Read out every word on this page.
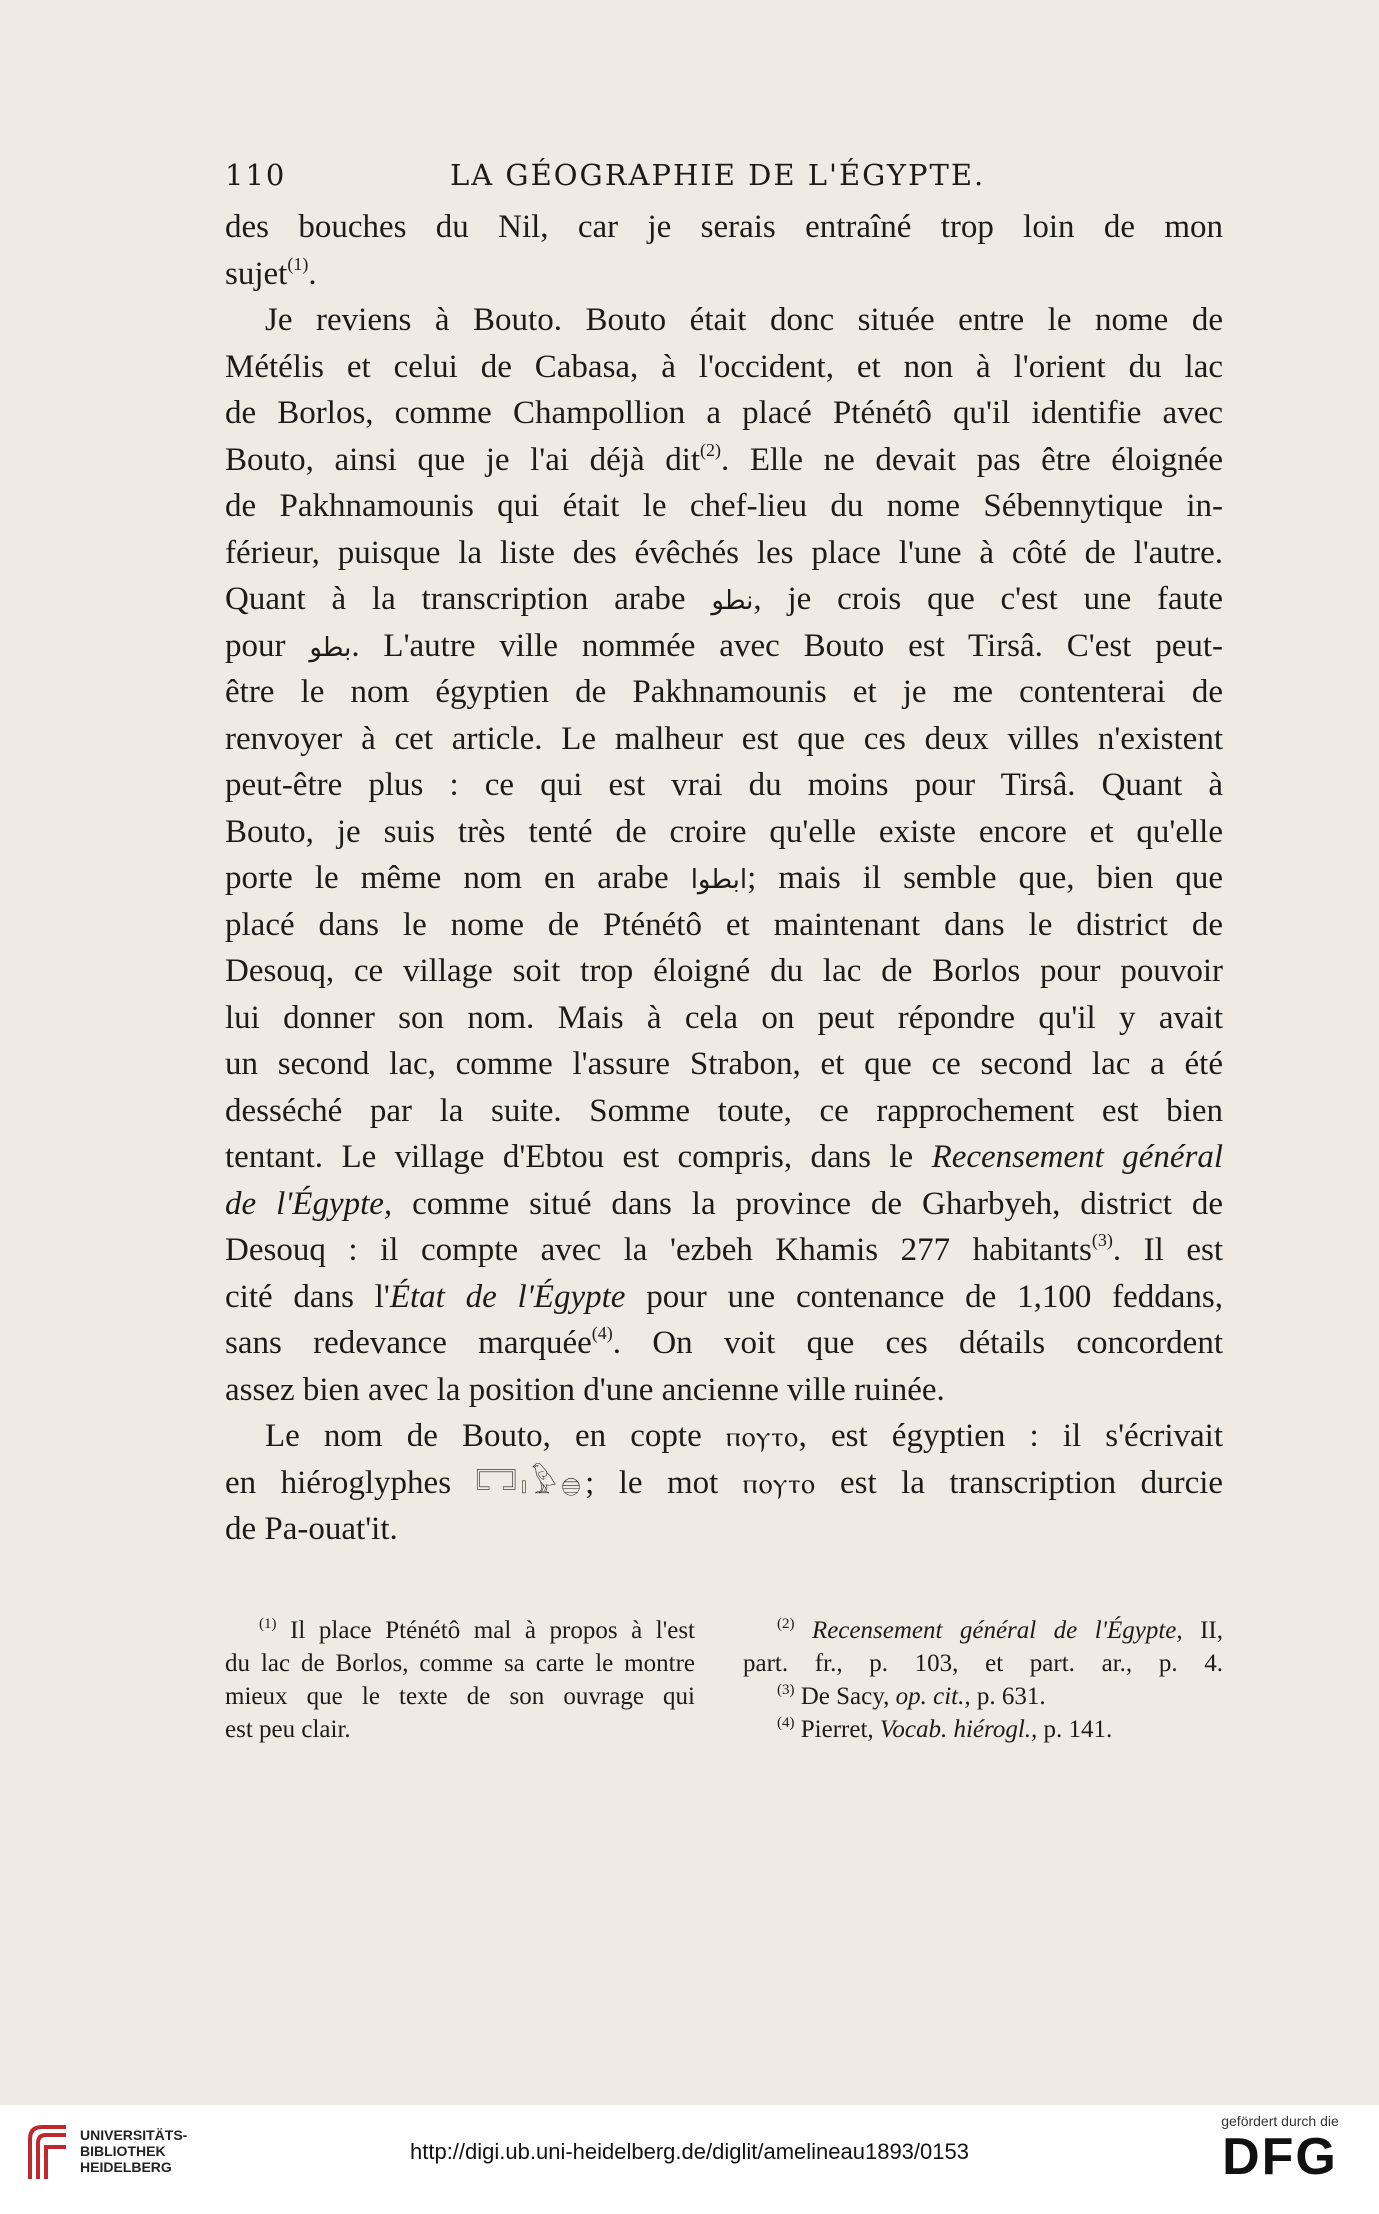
110	LA GÉOGRAPHIE DE L'ÉGYPTE.
des bouches du Nil, car je serais entraîné trop loin de mon
sujet$^{(1)}$.
Je reviens à Bouto. Bouto était donc située entre le nome de
Métélis et celui de Cabasa, à l'occident, et non à l'orient du lac
de Borlos, comme Champollion a placé Pténétô qu'il identifie avec
Bouto, ainsi que je l'ai déjà dit$^{(2)}$. Elle ne devait pas être éloignée
de Pakhnamounis qui était le chef-lieu du nome Sébennytique in-
férieur, puisque la liste des évêchés les place l'une à côté de l'autre.
Quant à la transcription arabe نطو, je crois que c'est une faute
pour بطو. L'autre ville nommée avec Bouto est Tirsâ. C'est peut-
être le nom égyptien de Pakhnamounis et je me contenterai de
renvoyer à cet article. Le malheur est que ces deux villes n'existent
peut-être plus : ce qui est vrai du moins pour Tirsâ. Quant à
Bouto, je suis très tenté de croire qu'elle existe encore et qu'elle
porte le même nom en arabe ابطوا; mais il semble que, bien que
placé dans le nome de Pténétô et maintenant dans le district de
Desouq, ce village soit trop éloigné du lac de Borlos pour pouvoir
lui donner son nom. Mais à cela on peut répondre qu'il y avait
un second lac, comme l'assure Strabon, et que ce second lac a été
desséché par la suite. Somme toute, ce rapprochement est bien
tentant. Le village d'Ebtou est compris, dans le Recensement général
de l'Égypte, comme situé dans la province de Gharbyeh, district de
Desouq : il compte avec la 'ezbeh Khamis 277 habitants$^{(3)}$. Il est
cité dans l'État de l'Égypte pour une contenance de 1,100 feddans,
sans redevance marquée$^{(4)}$. On voit que ces détails concordent
assez bien avec la position d'une ancienne ville ruinée.
Le nom de Bouto, en copte ⲡⲟⲩⲧⲟ, est égyptien : il s'écrivait
en hiéroglyphes 𓉐𓏤𓅱𓐍; le mot ⲡⲟⲩⲧⲟ est la transcription durcie
de Pa-ouat'it.
$^{(1)}$ Il place Pténétô mal à propos à l'est
du lac de Borlos, comme sa carte le montre
mieux que le texte de son ouvrage qui
est peu clair.
$^{(2)}$ Recensement général de l'Égypte, II,
part. fr., p. 103, et part. ar., p. 4.
$^{(3)}$ De Sacy, op. cit., p. 631.
$^{(4)}$ Pierret, Vocab. hiérogl., p. 141.
UNIVERSITÄTS-
BIBLIOTHEK
HEIDELBERG
http://digi.ub.uni-heidelberg.de/diglit/amelineau1893/0153
gefördert durch die
DFG
